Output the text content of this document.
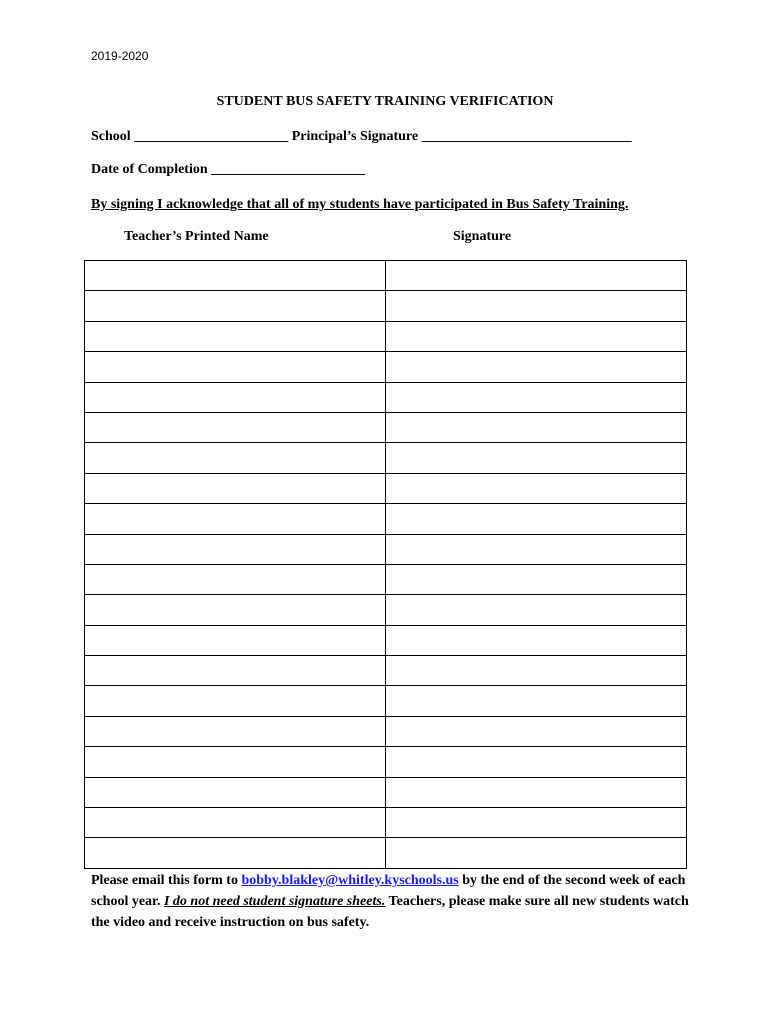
2019-2020
STUDENT BUS SAFETY TRAINING VERIFICATION
School ______________________ Principal’s Signature ______________________________
Date of Completion ______________________
By signing I acknowledge that all of my students have participated in Bus Safety Training.
Teacher’s Printed Name	Signature

Please email this form to bobby.blakley@whitley.kyschools.us by the end of the second week of each school year. I do not need student signature sheets. Teachers, please make sure all new students watch the video and receive instruction on bus safety.
